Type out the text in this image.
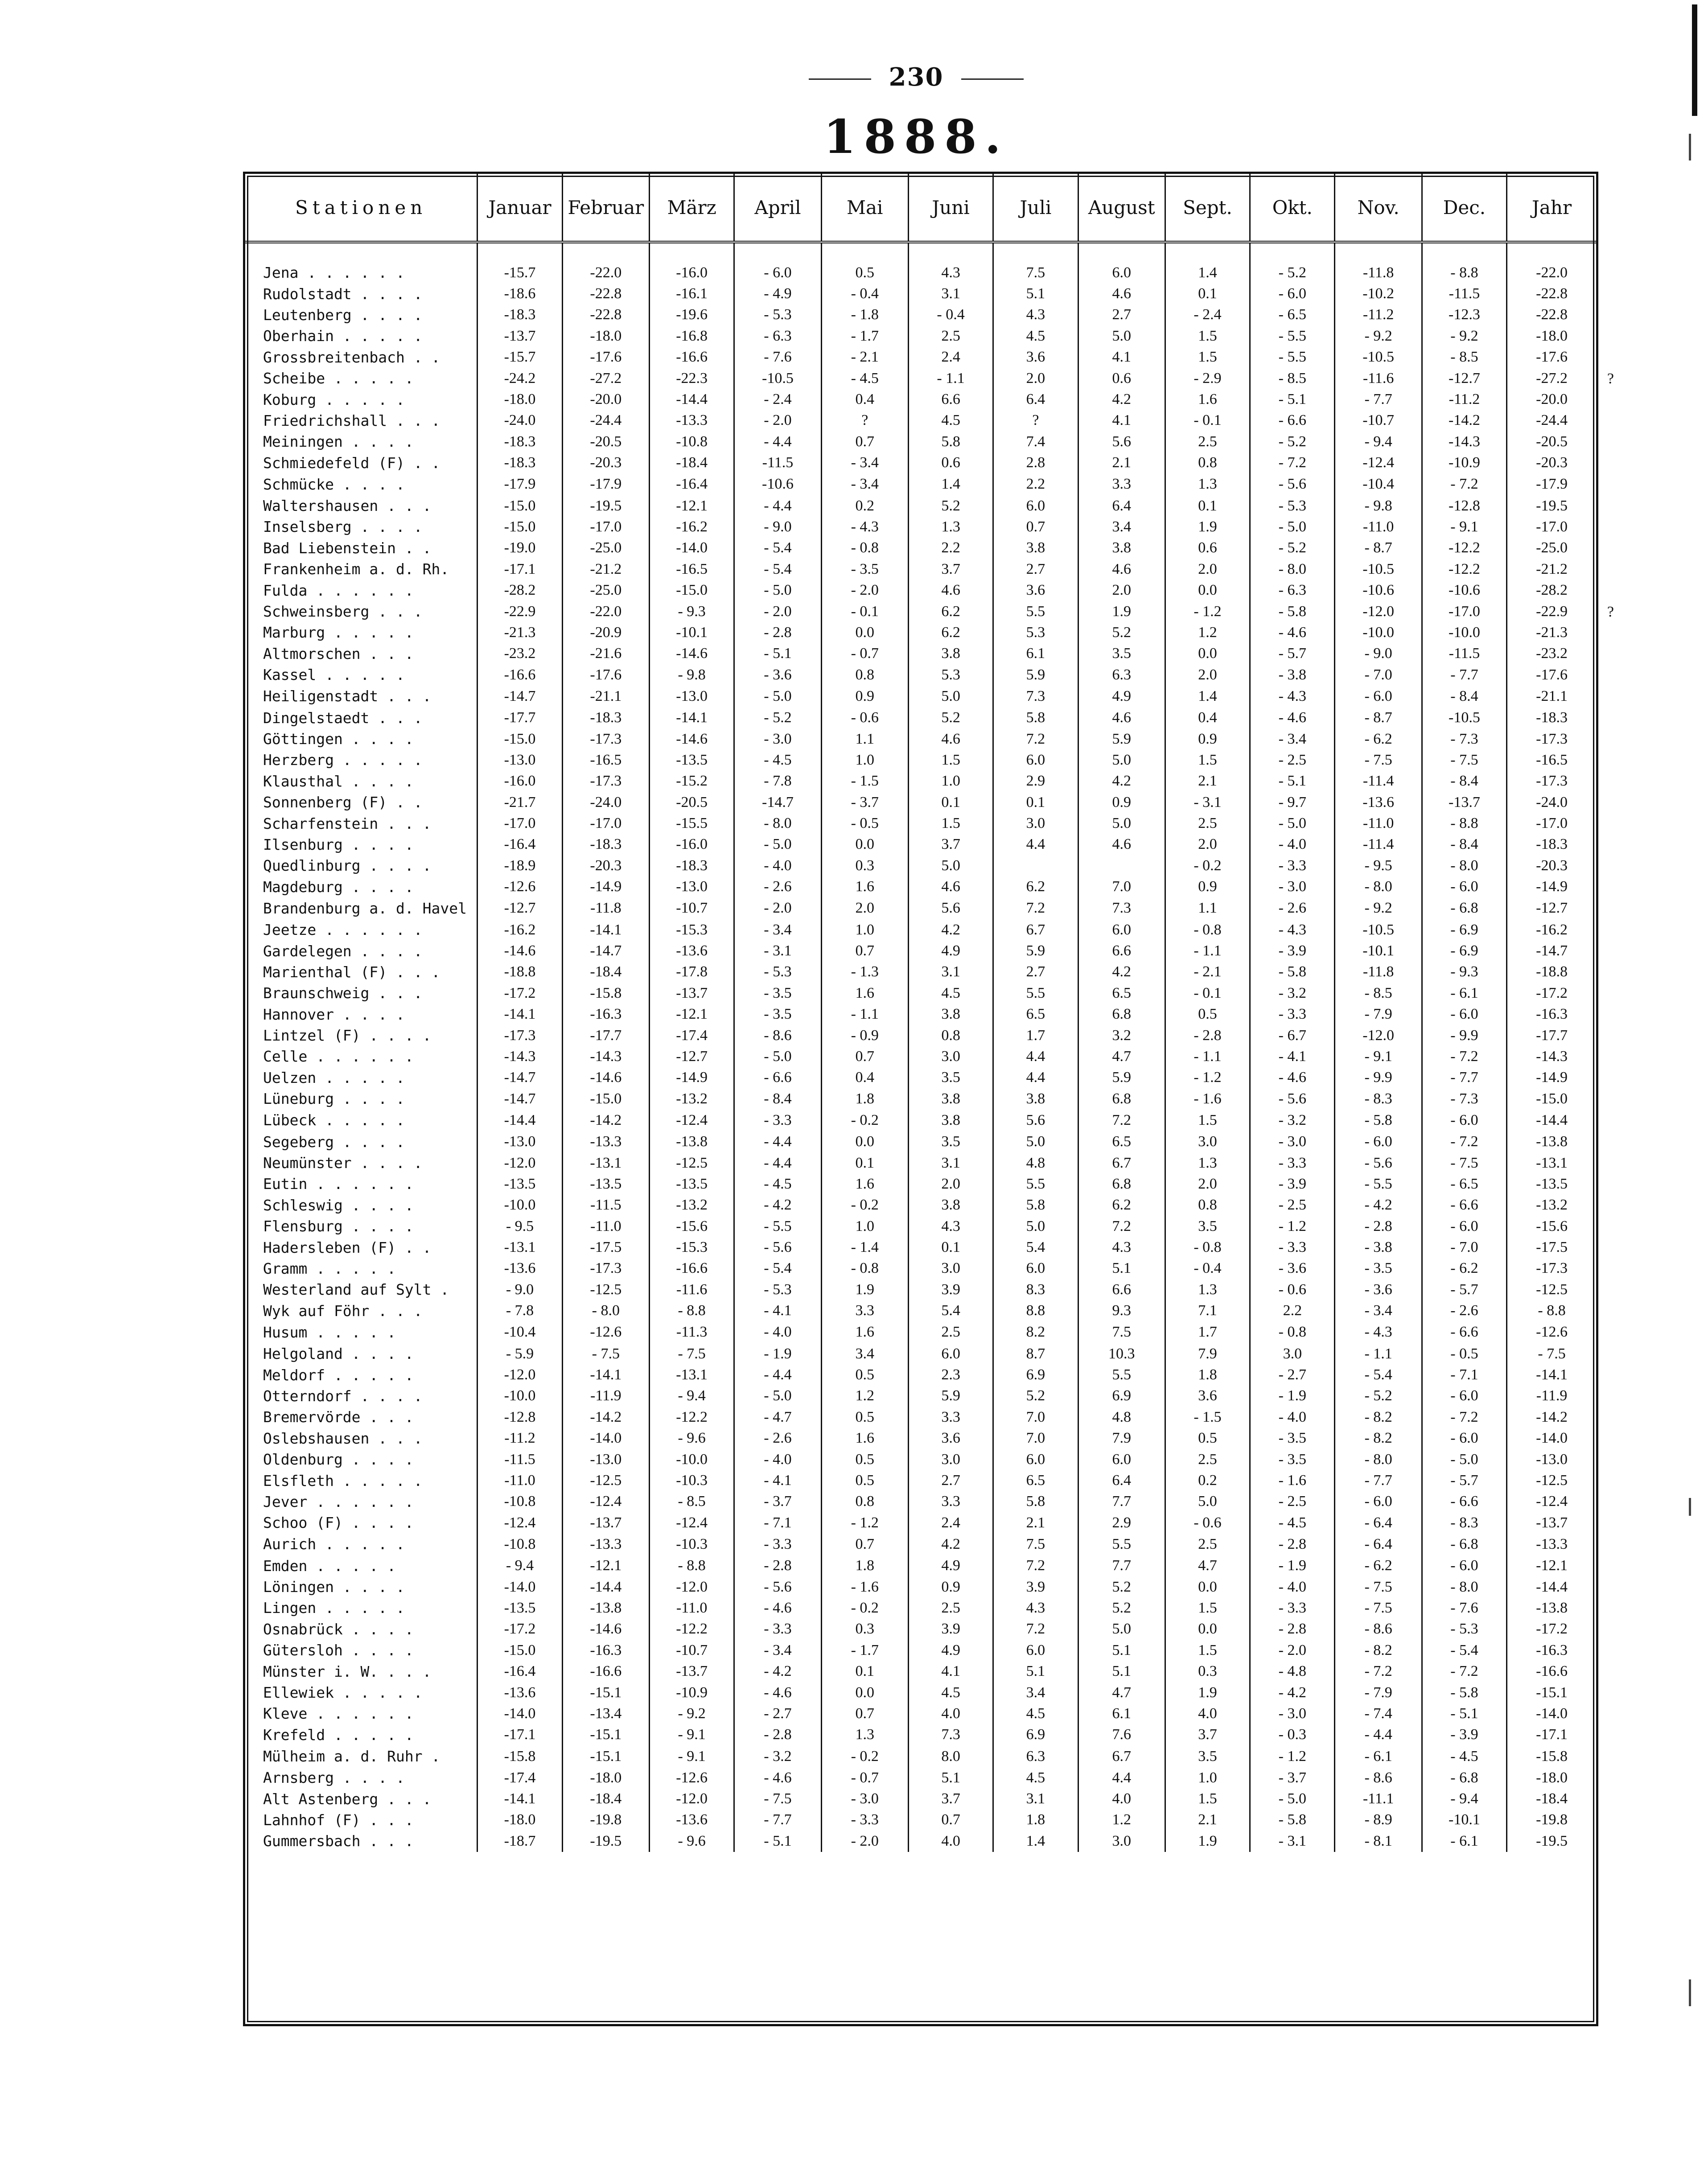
230
1888.
Stationen	Januar	Februar	März	April	Mai	Juni	Juli	August	Sept.	Okt.	Nov.	Dec.	Jahr
Jena . . . . . .	-15.7	-22.0	-16.0	- 6.0	0.5	4.3	7.5	6.0	1.4	- 5.2	-11.8	- 8.8	-22.0
Rudolstadt . . . .	-18.6	-22.8	-16.1	- 4.9	- 0.4	3.1	5.1	4.6	0.1	- 6.0	-10.2	-11.5	-22.8
Leutenberg . . . .	-18.3	-22.8	-19.6	- 5.3	- 1.8	- 0.4	4.3	2.7	- 2.4	- 6.5	-11.2	-12.3	-22.8
Oberhain . . . . .	-13.7	-18.0	-16.8	- 6.3	- 1.7	2.5	4.5	5.0	1.5	- 5.5	- 9.2	- 9.2	-18.0
Grossbreitenbach . .	-15.7	-17.6	-16.6	- 7.6	- 2.1	2.4	3.6	4.1	1.5	- 5.5	-10.5	- 8.5	-17.6
Scheibe . . . . .	-24.2	-27.2	-22.3	-10.5	- 4.5	- 1.1	2.0	0.6	- 2.9	- 8.5	-11.6	-12.7	-27.2 ?

Koburg . . . . .	-18.0	-20.0	-14.4	- 2.4	0.4	6.6	6.4	4.2	1.6	- 5.1	- 7.7	-11.2	-20.0
Friedrichshall . . .	-24.0	-24.4	-13.3	- 2.0	?	4.5	?	4.1	- 0.1	- 6.6	-10.7	-14.2	-24.4
Meiningen . . . .	-18.3	-20.5	-10.8	- 4.4	0.7	5.8	7.4	5.6	2.5	- 5.2	- 9.4	-14.3	-20.5
Schmiedefeld (F) . .	-18.3	-20.3	-18.4	-11.5	- 3.4	0.6	2.8	2.1	0.8	- 7.2	-12.4	-10.9	-20.3
Schmücke . . . .	-17.9	-17.9	-16.4	-10.6	- 3.4	1.4	2.2	3.3	1.3	- 5.6	-10.4	- 7.2	-17.9
Waltershausen . . .	-15.0	-19.5	-12.1	- 4.4	0.2	5.2	6.0	6.4	0.1	- 5.3	- 9.8	-12.8	-19.5
Inselsberg . . . .	-15.0	-17.0	-16.2	- 9.0	- 4.3	1.3	0.7	3.4	1.9	- 5.0	-11.0	- 9.1	-17.0
Bad Liebenstein . .	-19.0	-25.0	-14.0	- 5.4	- 0.8	2.2	3.8	3.8	0.6	- 5.2	- 8.7	-12.2	-25.0
Frankenheim a. d. Rh.	-17.1	-21.2	-16.5	- 5.4	- 3.5	3.7	2.7	4.6	2.0	- 8.0	-10.5	-12.2	-21.2
Fulda . . . . . .	-28.2	-25.0	-15.0	- 5.0	- 2.0	4.6	3.6	2.0	0.0	- 6.3	-10.6	-10.6	-28.2
Schweinsberg . . .	-22.9	-22.0	- 9.3	- 2.0	- 0.1	6.2	5.5	1.9	- 1.2	- 5.8	-12.0	-17.0	-22.9 ?

Marburg . . . . .	-21.3	-20.9	-10.1	- 2.8	0.0	6.2	5.3	5.2	1.2	- 4.6	-10.0	-10.0	-21.3
Altmorschen . . .	-23.2	-21.6	-14.6	- 5.1	- 0.7	3.8	6.1	3.5	0.0	- 5.7	- 9.0	-11.5	-23.2
Kassel . . . . .	-16.6	-17.6	- 9.8	- 3.6	0.8	5.3	5.9	6.3	2.0	- 3.8	- 7.0	- 7.7	-17.6
Heiligenstadt . . .	-14.7	-21.1	-13.0	- 5.0	0.9	5.0	7.3	4.9	1.4	- 4.3	- 6.0	- 8.4	-21.1
Dingelstaedt . . .	-17.7	-18.3	-14.1	- 5.2	- 0.6	5.2	5.8	4.6	0.4	- 4.6	- 8.7	-10.5	-18.3
Göttingen . . . .	-15.0	-17.3	-14.6	- 3.0	1.1	4.6	7.2	5.9	0.9	- 3.4	- 6.2	- 7.3	-17.3
Herzberg . . . . .	-13.0	-16.5	-13.5	- 4.5	1.0	1.5	6.0	5.0	1.5	- 2.5	- 7.5	- 7.5	-16.5
Klausthal . . . .	-16.0	-17.3	-15.2	- 7.8	- 1.5	1.0	2.9	4.2	2.1	- 5.1	-11.4	- 8.4	-17.3
Sonnenberg (F) . .	-21.7	-24.0	-20.5	-14.7	- 3.7	0.1	0.1	0.9	- 3.1	- 9.7	-13.6	-13.7	-24.0
Scharfenstein . . .	-17.0	-17.0	-15.5	- 8.0	- 0.5	1.5	3.0	5.0	2.5	- 5.0	-11.0	- 8.8	-17.0
Ilsenburg . . . .	-16.4	-18.3	-16.0	- 5.0	0.0	3.7	4.4	4.6	2.0	- 4.0	-11.4	- 8.4	-18.3
Quedlinburg . . . .	-18.9	-20.3	-18.3	- 4.0	0.3	5.0			- 0.2	- 3.3	- 9.5	- 8.0	-20.3
Magdeburg . . . .	-12.6	-14.9	-13.0	- 2.6	1.6	4.6	6.2	7.0	0.9	- 3.0	- 8.0	- 6.0	-14.9
Brandenburg a. d. Havel	-12.7	-11.8	-10.7	- 2.0	2.0	5.6	7.2	7.3	1.1	- 2.6	- 9.2	- 6.8	-12.7
Jeetze . . . . . .	-16.2	-14.1	-15.3	- 3.4	1.0	4.2	6.7	6.0	- 0.8	- 4.3	-10.5	- 6.9	-16.2
Gardelegen . . . .	-14.6	-14.7	-13.6	- 3.1	0.7	4.9	5.9	6.6	- 1.1	- 3.9	-10.1	- 6.9	-14.7
Marienthal (F) . . .	-18.8	-18.4	-17.8	- 5.3	- 1.3	3.1	2.7	4.2	- 2.1	- 5.8	-11.8	- 9.3	-18.8
Braunschweig . . .	-17.2	-15.8	-13.7	- 3.5	1.6	4.5	5.5	6.5	- 0.1	- 3.2	- 8.5	- 6.1	-17.2
Hannover . . . .	-14.1	-16.3	-12.1	- 3.5	- 1.1	3.8	6.5	6.8	0.5	- 3.3	- 7.9	- 6.0	-16.3
Lintzel (F) . . . .	-17.3	-17.7	-17.4	- 8.6	- 0.9	0.8	1.7	3.2	- 2.8	- 6.7	-12.0	- 9.9	-17.7
Celle . . . . . .	-14.3	-14.3	-12.7	- 5.0	0.7	3.0	4.4	4.7	- 1.1	- 4.1	- 9.1	- 7.2	-14.3
Uelzen . . . . .	-14.7	-14.6	-14.9	- 6.6	0.4	3.5	4.4	5.9	- 1.2	- 4.6	- 9.9	- 7.7	-14.9
Lüneburg . . . .	-14.7	-15.0	-13.2	- 8.4	1.8	3.8	3.8	6.8	- 1.6	- 5.6	- 8.3	- 7.3	-15.0
Lübeck . . . . .	-14.4	-14.2	-12.4	- 3.3	- 0.2	3.8	5.6	7.2	1.5	- 3.2	- 5.8	- 6.0	-14.4
Segeberg . . . .	-13.0	-13.3	-13.8	- 4.4	0.0	3.5	5.0	6.5	3.0	- 3.0	- 6.0	- 7.2	-13.8
Neumünster . . . .	-12.0	-13.1	-12.5	- 4.4	0.1	3.1	4.8	6.7	1.3	- 3.3	- 5.6	- 7.5	-13.1
Eutin . . . . . .	-13.5	-13.5	-13.5	- 4.5	1.6	2.0	5.5	6.8	2.0	- 3.9	- 5.5	- 6.5	-13.5
Schleswig . . . .	-10.0	-11.5	-13.2	- 4.2	- 0.2	3.8	5.8	6.2	0.8	- 2.5	- 4.2	- 6.6	-13.2
Flensburg . . . .	- 9.5	-11.0	-15.6	- 5.5	1.0	4.3	5.0	7.2	3.5	- 1.2	- 2.8	- 6.0	-15.6
Hadersleben (F) . .	-13.1	-17.5	-15.3	- 5.6	- 1.4	0.1	5.4	4.3	- 0.8	- 3.3	- 3.8	- 7.0	-17.5
Gramm . . . . .	-13.6	-17.3	-16.6	- 5.4	- 0.8	3.0	6.0	5.1	- 0.4	- 3.6	- 3.5	- 6.2	-17.3
Westerland auf Sylt .	- 9.0	-12.5	-11.6	- 5.3	1.9	3.9	8.3	6.6	1.3	- 0.6	- 3.6	- 5.7	-12.5
Wyk auf Föhr . . .	- 7.8	- 8.0	- 8.8	- 4.1	3.3	5.4	8.8	9.3	7.1	2.2	- 3.4	- 2.6	- 8.8
Husum . . . . .	-10.4	-12.6	-11.3	- 4.0	1.6	2.5	8.2	7.5	1.7	- 0.8	- 4.3	- 6.6	-12.6
Helgoland . . . .	- 5.9	- 7.5	- 7.5	- 1.9	3.4	6.0	8.7	10.3	7.9	3.0	- 1.1	- 0.5	- 7.5
Meldorf . . . . .	-12.0	-14.1	-13.1	- 4.4	0.5	2.3	6.9	5.5	1.8	- 2.7	- 5.4	- 7.1	-14.1
Otterndorf . . . .	-10.0	-11.9	- 9.4	- 5.0	1.2	5.9	5.2	6.9	3.6	- 1.9	- 5.2	- 6.0	-11.9
Bremervörde . . .	-12.8	-14.2	-12.2	- 4.7	0.5	3.3	7.0	4.8	- 1.5	- 4.0	- 8.2	- 7.2	-14.2
Oslebshausen . . .	-11.2	-14.0	- 9.6	- 2.6	1.6	3.6	7.0	7.9	0.5	- 3.5	- 8.2	- 6.0	-14.0
Oldenburg . . . .	-11.5	-13.0	-10.0	- 4.0	0.5	3.0	6.0	6.0	2.5	- 3.5	- 8.0	- 5.0	-13.0
Elsfleth . . . . .	-11.0	-12.5	-10.3	- 4.1	0.5	2.7	6.5	6.4	0.2	- 1.6	- 7.7	- 5.7	-12.5
Jever . . . . . .	-10.8	-12.4	- 8.5	- 3.7	0.8	3.3	5.8	7.7	5.0	- 2.5	- 6.0	- 6.6	-12.4
Schoo (F) . . . .	-12.4	-13.7	-12.4	- 7.1	- 1.2	2.4	2.1	2.9	- 0.6	- 4.5	- 6.4	- 8.3	-13.7
Aurich . . . . .	-10.8	-13.3	-10.3	- 3.3	0.7	4.2	7.5	5.5	2.5	- 2.8	- 6.4	- 6.8	-13.3
Emden . . . . .	- 9.4	-12.1	- 8.8	- 2.8	1.8	4.9	7.2	7.7	4.7	- 1.9	- 6.2	- 6.0	-12.1
Löningen . . . .	-14.0	-14.4	-12.0	- 5.6	- 1.6	0.9	3.9	5.2	0.0	- 4.0	- 7.5	- 8.0	-14.4
Lingen . . . . .	-13.5	-13.8	-11.0	- 4.6	- 0.2	2.5	4.3	5.2	1.5	- 3.3	- 7.5	- 7.6	-13.8
Osnabrück . . . .	-17.2	-14.6	-12.2	- 3.3	0.3	3.9	7.2	5.0	0.0	- 2.8	- 8.6	- 5.3	-17.2
Gütersloh . . . .	-15.0	-16.3	-10.7	- 3.4	- 1.7	4.9	6.0	5.1	1.5	- 2.0	- 8.2	- 5.4	-16.3
Münster i. W. . . .	-16.4	-16.6	-13.7	- 4.2	0.1	4.1	5.1	5.1	0.3	- 4.8	- 7.2	- 7.2	-16.6
Ellewiek . . . . .	-13.6	-15.1	-10.9	- 4.6	0.0	4.5	3.4	4.7	1.9	- 4.2	- 7.9	- 5.8	-15.1
Kleve . . . . . .	-14.0	-13.4	- 9.2	- 2.7	0.7	4.0	4.5	6.1	4.0	- 3.0	- 7.4	- 5.1	-14.0
Krefeld . . . . .	-17.1	-15.1	- 9.1	- 2.8	1.3	7.3	6.9	7.6	3.7	- 0.3	- 4.4	- 3.9	-17.1
Mülheim a. d. Ruhr .	-15.8	-15.1	- 9.1	- 3.2	- 0.2	8.0	6.3	6.7	3.5	- 1.2	- 6.1	- 4.5	-15.8
Arnsberg . . . .	-17.4	-18.0	-12.6	- 4.6	- 0.7	5.1	4.5	4.4	1.0	- 3.7	- 8.6	- 6.8	-18.0
Alt Astenberg . . .	-14.1	-18.4	-12.0	- 7.5	- 3.0	3.7	3.1	4.0	1.5	- 5.0	-11.1	- 9.4	-18.4
Lahnhof (F) . . .	-18.0	-19.8	-13.6	- 7.7	- 3.3	0.7	1.8	1.2	2.1	- 5.8	- 8.9	-10.1	-19.8
Gummersbach . . .	-18.7	-19.5	- 9.6	- 5.1	- 2.0	4.0	1.4	3.0	1.9	- 3.1	- 8.1	- 6.1	-19.5
